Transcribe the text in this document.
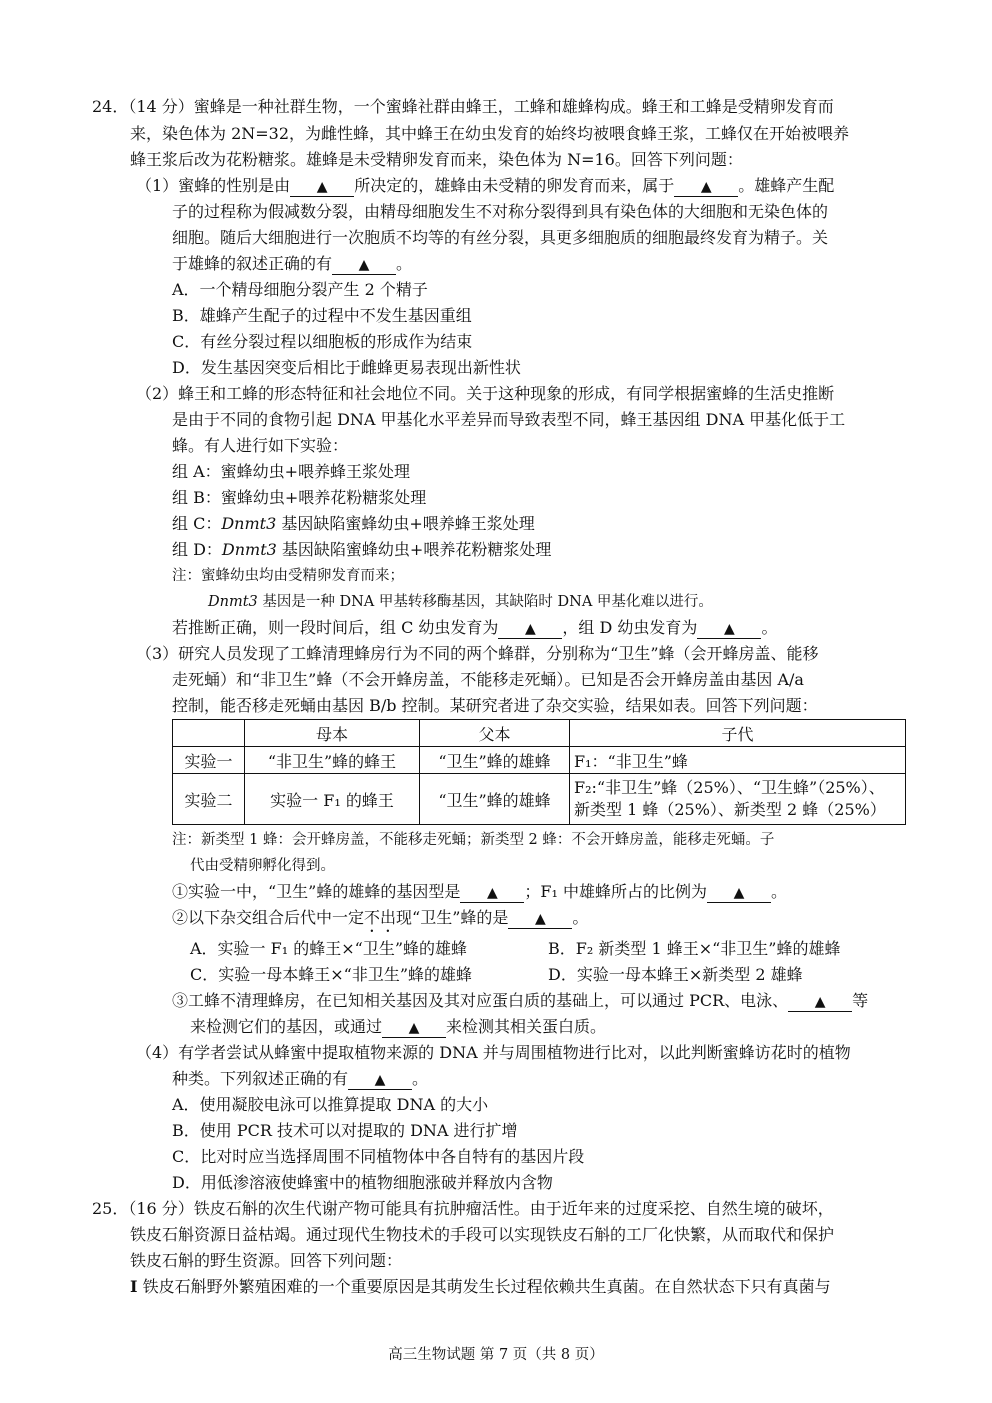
24．（14 分）蜜蜂是一种社群生物，一个蜜蜂社群由蜂王，工蜂和雄蜂构成。蜂王和工蜂是受精卵发育而
来，染色体为 2N=32，为雌性蜂，其中蜂王在幼虫发育的始终均被喂食蜂王浆，工蜂仅在开始被喂养
蜂王浆后改为花粉糖浆。雄蜂是未受精卵发育而来，染色体为 N=16。回答下列问题：
（1）蜜蜂的性别是由 ▲ 所决定的，雄蜂由未受精的卵发育而来，属于 ▲ 。雄蜂产生配
子的过程称为假减数分裂，由精母细胞发生不对称分裂得到具有染色体的大细胞和无染色体的
细胞。随后大细胞进行一次胞质不均等的有丝分裂，具更多细胞质的细胞最终发育为精子。关
于雄蜂的叙述正确的有 ▲ 。
A．一个精母细胞分裂产生 2 个精子
B．雄蜂产生配子的过程中不发生基因重组
C．有丝分裂过程以细胞板的形成作为结束
D．发生基因突变后相比于雌蜂更易表现出新性状
（2）蜂王和工蜂的形态特征和社会地位不同。关于这种现象的形成，有同学根据蜜蜂的生活史推断
是由于不同的食物引起 DNA 甲基化水平差异而导致表型不同，蜂王基因组 DNA 甲基化低于工
蜂。有人进行如下实验：
组 A：蜜蜂幼虫+喂养蜂王浆处理
组 B：蜜蜂幼虫+喂养花粉糖浆处理
组 C：Dnmt3 基因缺陷蜜蜂幼虫+喂养蜂王浆处理
组 D：Dnmt3 基因缺陷蜜蜂幼虫+喂养花粉糖浆处理
注：蜜蜂幼虫均由受精卵发育而来；
Dnmt3 基因是一种 DNA 甲基转移酶基因，其缺陷时 DNA 甲基化难以进行。
若推断正确，则一段时间后，组 C 幼虫发育为 ▲ ，组 D 幼虫发育为 ▲ 。
（3）研究人员发现了工蜂清理蜂房行为不同的两个蜂群，分别称为“卫生”蜂（会开蜂房盖、能移
走死蛹）和“非卫生”蜂（不会开蜂房盖，不能移走死蛹）。已知是否会开蜂房盖由基因 A/a
控制，能否移走死蛹由基因 B/b 控制。某研究者进了杂交实验，结果如表。回答下列问题：
	母本	父本	子代
实验一	“非卫生”蜂的蜂王	“卫生”蜂的雄蜂	F₁：“非卫生”蜂
实验二	实验一 F₁ 的蜂王	“卫生”蜂的雄蜂	F₂:“非卫生”蜂（25%）、“卫生蜂”（25%）、
新类型 1 蜂（25%）、新类型 2 蜂（25%）
注：新类型 1 蜂：会开蜂房盖，不能移走死蛹；新类型 2 蜂：不会开蜂房盖，能移走死蛹。子
代由受精卵孵化得到。
①实验一中，“卫生”蜂的雄蜂的基因型是 ▲ ；F₁ 中雄蜂所占的比例为 ▲ 。
②以下杂交组合后代中一定不出现“卫生”蜂的是 ▲ 。
A．实验一 F₁ 的蜂王×“卫生”蜂的雄蜂	B．F₂ 新类型 1 蜂王×“非卫生”蜂的雄蜂
C．实验一母本蜂王×“非卫生”蜂的雄蜂	D．实验一母本蜂王×新类型 2 雄蜂
③工蜂不清理蜂房，在已知相关基因及其对应蛋白质的基础上，可以通过 PCR、电泳、 ▲ 等
来检测它们的基因，或通过 ▲ 来检测其相关蛋白质。
（4）有学者尝试从蜂蜜中提取植物来源的 DNA 并与周围植物进行比对，以此判断蜜蜂访花时的植物
种类。下列叙述正确的有 ▲ 。
A．使用凝胶电泳可以推算提取 DNA 的大小
B．使用 PCR 技术可以对提取的 DNA 进行扩增
C．比对时应当选择周围不同植物体中各自特有的基因片段
D．用低渗溶液使蜂蜜中的植物细胞涨破并释放内含物
25．（16 分）铁皮石斛的次生代谢产物可能具有抗肿瘤活性。由于近年来的过度采挖、自然生境的破坏，
铁皮石斛资源日益枯竭。通过现代生物技术的手段可以实现铁皮石斛的工厂化快繁，从而取代和保护
铁皮石斛的野生资源。回答下列问题：
I 铁皮石斛野外繁殖困难的一个重要原因是其萌发生长过程依赖共生真菌。在自然状态下只有真菌与
高三生物试题 第 7 页（共 8 页）
